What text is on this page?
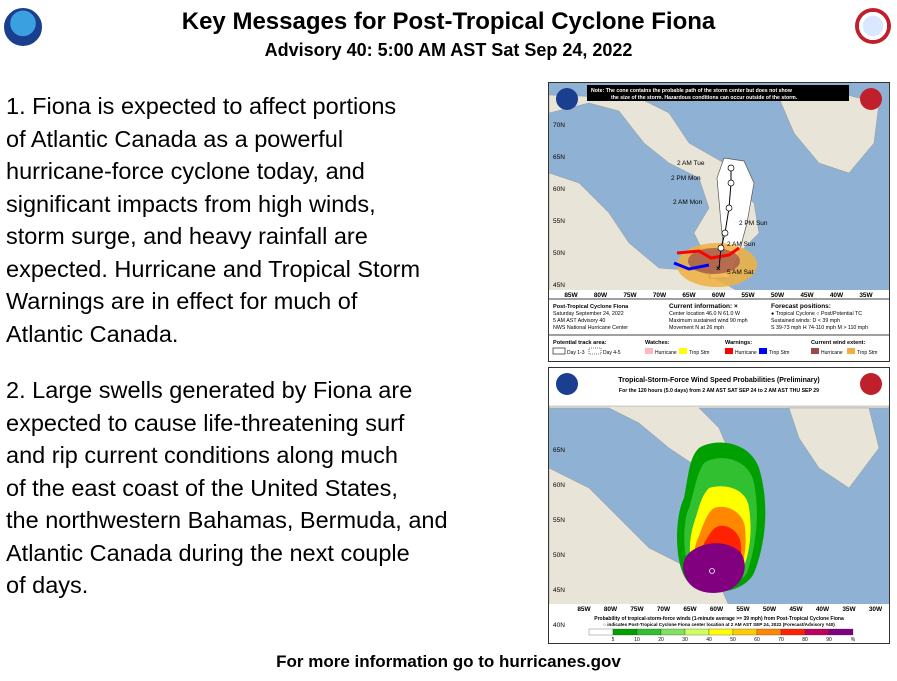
Key Messages for Post-Tropical Cyclone Fiona
Advisory 40: 5:00 AM AST Sat Sep 24, 2022
1. Fiona is expected to affect portions
of Atlantic Canada as a powerful
hurricane-force cyclone today, and
significant impacts from high winds,
storm surge, and heavy rainfall are
expected. Hurricane and Tropical Storm
Warnings are in effect for much of
Atlantic Canada.
2. Large swells generated by Fiona are
expected to cause life-threatening surf
and rip current conditions along much
of the east coast of the United States,
the northwestern Bahamas, Bermuda, and
Atlantic Canada during the next couple
of days.
×
2 AM Tue
2 PM Mon
2 AM Mon
2 PM Sun
2 AM Sun
5 AM Sat
Note: The cone contains the probable path of the storm center but does not show
the size of the storm. Hazardous conditions can occur outside of the storm.
70N
65N
60N
55N
50N
45N
85W 80W 75W 70W 65W 60W 55W 50W 45W 40W 35W
Post-Tropical Cyclone Fiona
Saturday September 24, 2022
5 AM AST Advisory 40
NWS National Hurricane Center
Current information: ×
Center location 46.0 N 61.0 W
Maximum sustained wind 90 mph
Movement N at 26 mph
Forecast positions:
● Tropical Cyclone ○ Post/Potential TC
Sustained winds: D < 39 mph
S 39-73 mph H 74-110 mph M > 110 mph
Potential track area:
Day 1-3	Day 4-5
Watches:
Hurricane Trop Stm
Warnings:
Hurricane Trop Stm
Current wind extent:
Hurricane	Trop Stm
Tropical-Storm-Force Wind Speed Probabilities (Preliminary)
For the 120 hours (5.0 days) from 2 AM AST SAT SEP 24 to 2 AM AST THU SEP 29
65N
60N
55N
50N
45N
40N
85W 80W 75W 70W 65W 60W 55W 50W 45W 40W 35W 30W
Probability of tropical-storm-force winds (1-minute average >= 39 mph) from Post-Tropical Cyclone Fiona
○ indicates Post-Tropical Cyclone Fiona center location at 2 AM AST SEP 24, 2022 (Forecast/Advisory #40)
5	10	20	30	40	50	60	70	80	90	%
For more information go to hurricanes.gov
